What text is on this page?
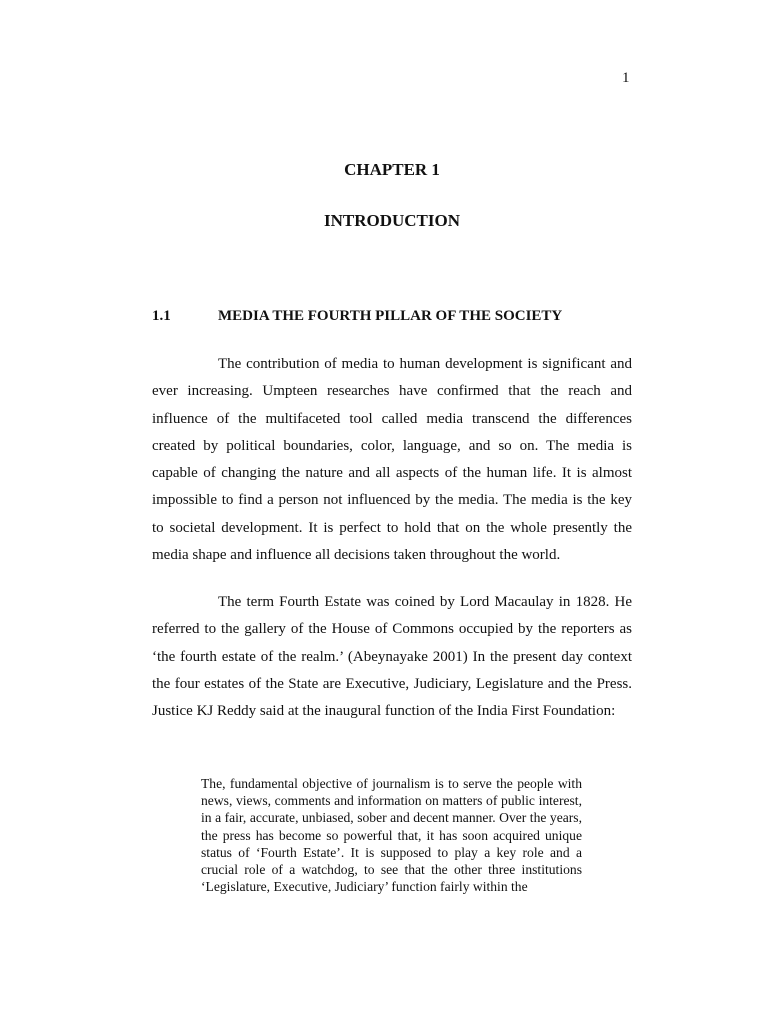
1
CHAPTER 1
INTRODUCTION
1.1	MEDIA THE FOURTH PILLAR OF THE SOCIETY

The contribution of media to human development is significant and ever increasing. Umpteen researches have confirmed that the reach and influence of the multifaceted tool called media transcend the differences created by political boundaries, color, language, and so on. The media is capable of changing the nature and all aspects of the human life. It is almost impossible to find a person not influenced by the media. The media is the key to societal development. It is perfect to hold that on the whole presently the media shape and influence all decisions taken throughout the world.

The term Fourth Estate was coined by Lord Macaulay in 1828. He referred to the gallery of the House of Commons occupied by the reporters as ‘the fourth estate of the realm.’ (Abeynayake 2001) In the present day context the four estates of the State are Executive, Judiciary, Legislature and the Press. Justice KJ Reddy said at the inaugural function of the India First Foundation:

The, fundamental objective of journalism is to serve the people with news, views, comments and information on matters of public interest, in a fair, accurate, unbiased, sober and decent manner. Over the years, the press has become so powerful that, it has soon acquired unique status of ‘Fourth Estate’. It is supposed to play a key role and a crucial role of a watchdog, to see that the other three institutions ‘Legislature, Executive, Judiciary’ function fairly within the
